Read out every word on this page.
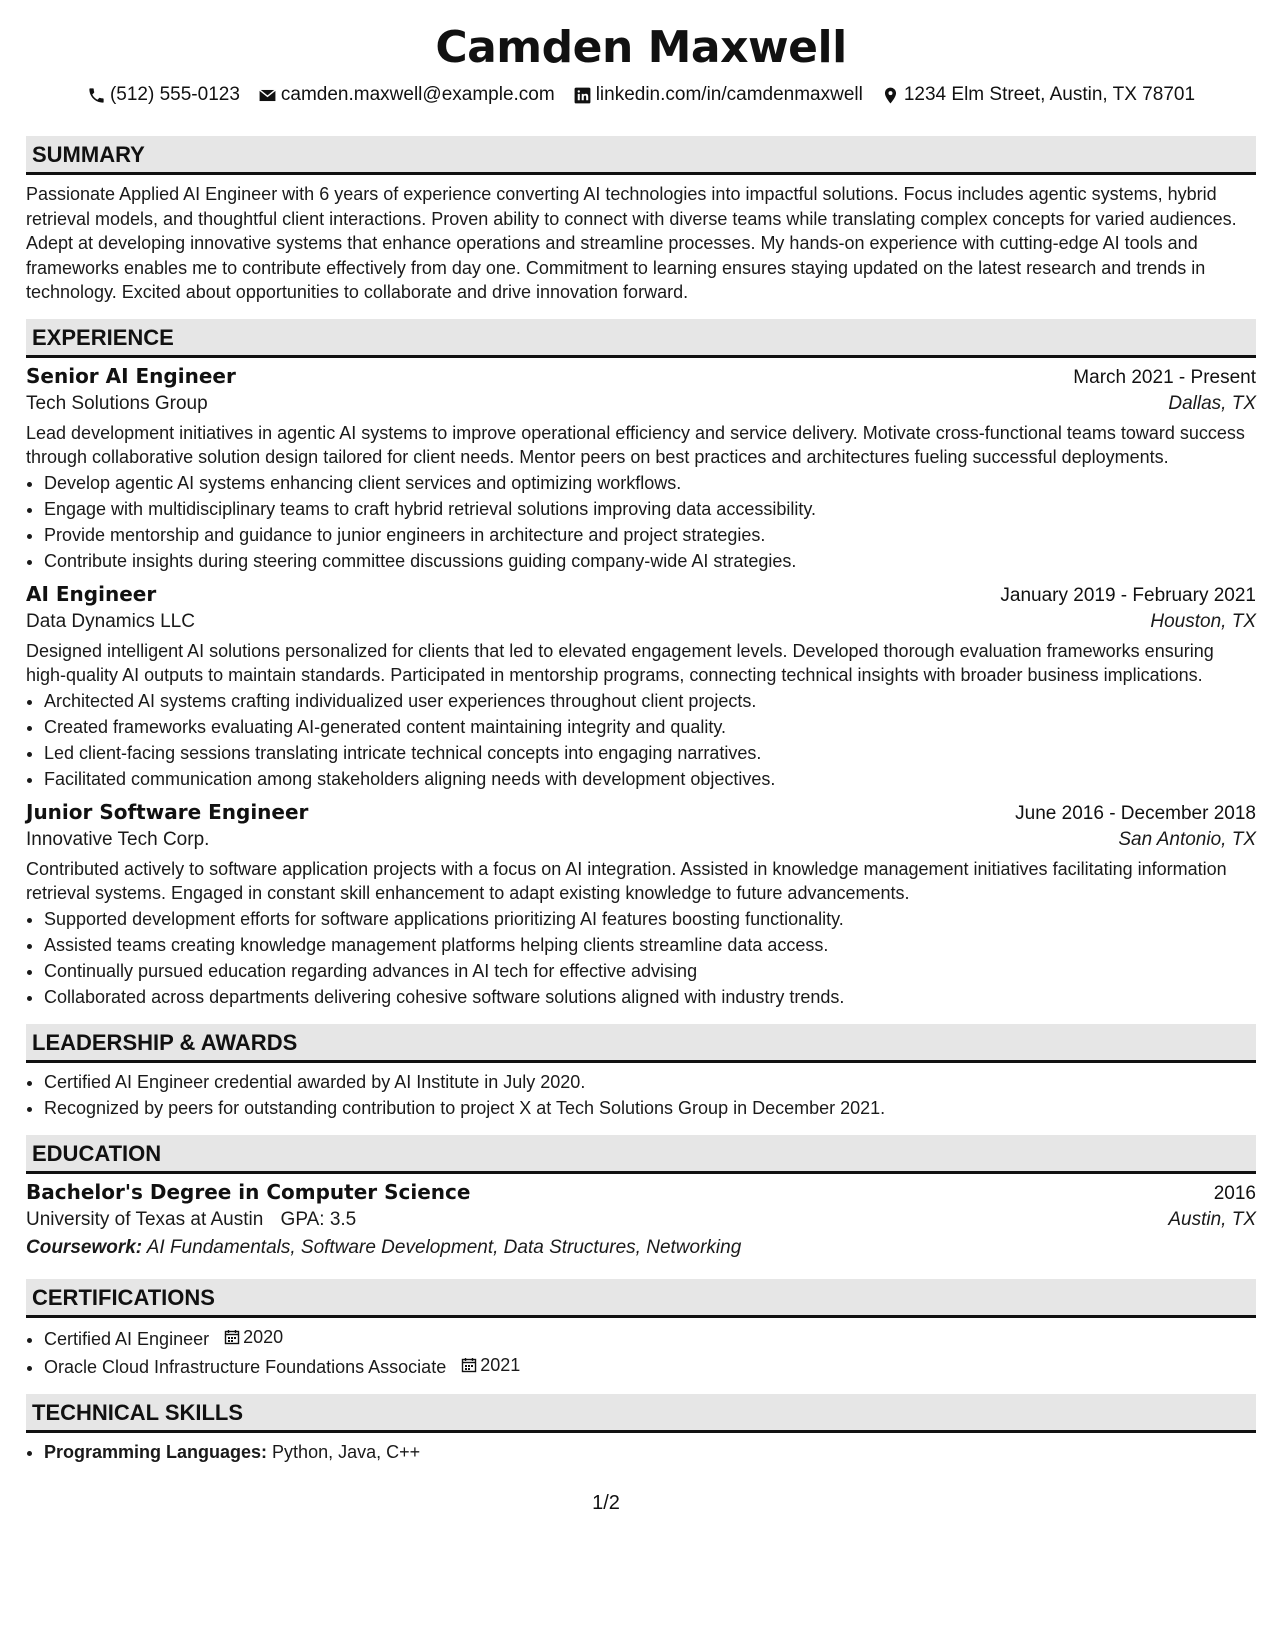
Camden Maxwell
(512) 555-0123 camden.maxwell@example.com linkedin.com/in/camdenmaxwell 1234 Elm Street, Austin, TX 78701
SUMMARY

Passionate Applied AI Engineer with 6 years of experience converting AI technologies into impactful solutions. Focus includes agentic systems, hybrid retrieval models, and thoughtful client interactions. Proven ability to connect with diverse teams while translating complex concepts for varied audiences. Adept at developing innovative systems that enhance operations and streamline processes. My hands-on experience with cutting-edge AI tools and frameworks enables me to contribute effectively from day one. Commitment to learning ensures staying updated on the latest research and trends in technology. Excited about opportunities to collaborate and drive innovation forward.

EXPERIENCE
Senior AI Engineer	March 2021 - Present
Tech Solutions Group	Dallas, TX

Lead development initiatives in agentic AI systems to improve operational efficiency and service delivery. Motivate cross-functional teams toward success through collaborative solution design tailored for client needs. Mentor peers on best practices and architectures fueling successful deployments.

• Develop agentic AI systems enhancing client services and optimizing workflows.
• Engage with multidisciplinary teams to craft hybrid retrieval solutions improving data accessibility.
• Provide mentorship and guidance to junior engineers in architecture and project strategies.
• Contribute insights during steering committee discussions guiding company-wide AI strategies.
AI Engineer	January 2019 - February 2021
Data Dynamics LLC	Houston, TX

Designed intelligent AI solutions personalized for clients that led to elevated engagement levels. Developed thorough evaluation frameworks ensuring high-quality AI outputs to maintain standards. Participated in mentorship programs, connecting technical insights with broader business implications.

• Architected AI systems crafting individualized user experiences throughout client projects.
• Created frameworks evaluating AI-generated content maintaining integrity and quality.
• Led client-facing sessions translating intricate technical concepts into engaging narratives.
• Facilitated communication among stakeholders aligning needs with development objectives.
Junior Software Engineer	June 2016 - December 2018
Innovative Tech Corp.	San Antonio, TX

Contributed actively to software application projects with a focus on AI integration. Assisted in knowledge management initiatives facilitating information retrieval systems. Engaged in constant skill enhancement to adapt existing knowledge to future advancements.

• Supported development efforts for software applications prioritizing AI features boosting functionality.
• Assisted teams creating knowledge management platforms helping clients streamline data access.
• Continually pursued education regarding advances in AI tech for effective advising
• Collaborated across departments delivering cohesive software solutions aligned with industry trends.
LEADERSHIP & AWARDS
• Certified AI Engineer credential awarded by AI Institute in July 2020.
• Recognized by peers for outstanding contribution to project X at Tech Solutions Group in December 2021.
EDUCATION
Bachelor's Degree in Computer Science	2016
University of Texas at Austin GPA: 3.5	Austin, TX
Coursework: AI Fundamentals, Software Development, Data Structures, Networking
CERTIFICATIONS
• Certified AI Engineer 2020
• Oracle Cloud Infrastructure Foundations Associate 2021
TECHNICAL SKILLS
• Programming Languages: Python, Java, C++
1/2
